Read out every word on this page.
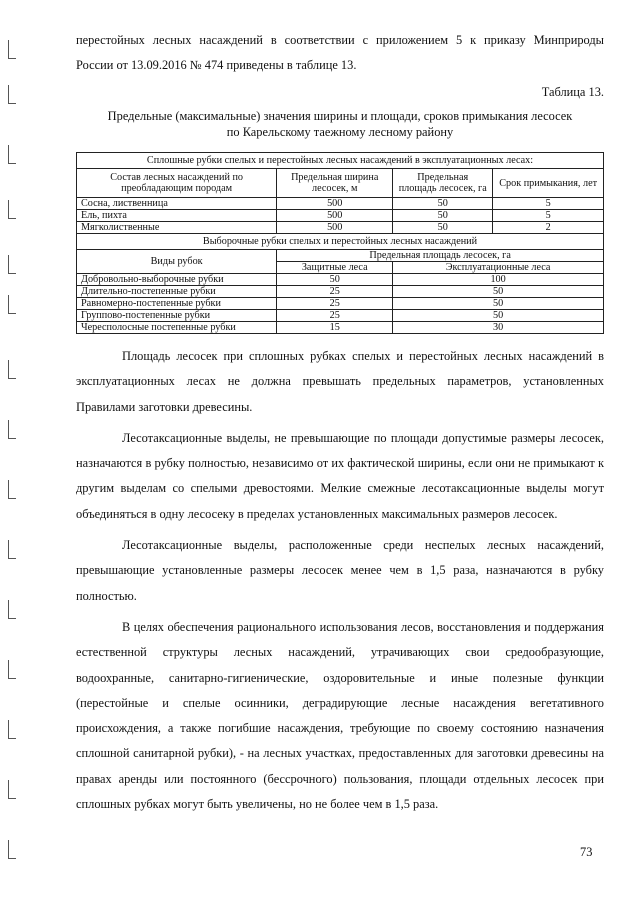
перестойных лесных насаждений в соответствии с приложением 5 к приказу Минприроды

России от 13.09.2016 № 474 приведены в таблице 13.

Таблица 13.
Предельные (максимальные) значения ширины и площади, сроков примыкания лесосек
по Карельскому таежному лесному району
Сплошные рубки спелых и перестойных лесных насаждений в эксплуатационных лесах:			
Состав лесных насаждений по преобладающим породам	Предельная ширина лесосек, м	Предельная площадь лесосек, га	Срок примыкания, лет
Сосна, лиственница	500	50	5
Ель, пихта	500	50	5
Мягколиственные	500	50	2
Выборочные рубки спелых и перестойных лесных насаждений			
Виды рубок	Предельная площадь лесосек, га		
	Защитные леса	Эксплуатационные леса	
Добровольно-выборочные рубки	50	100	
Длительно-постепенные рубки	25	50	
Равномерно-постепенные рубки	25	50	
Группово-постепенные рубки	25	50	
Чересполосные постепенные рубки	15	30	

Площадь лесосек при сплошных рубках спелых и перестойных лесных насаждений в эксплуатационных лесах не должна превышать предельных параметров, установленных Правилами заготовки древесины.

Лесотаксационные выделы, не превышающие по площади допустимые размеры лесосек, назначаются в рубку полностью, независимо от их фактической ширины, если они не примыкают к другим выделам со спелыми древостоями. Мелкие смежные лесотаксационные выделы могут объединяться в одну лесосеку в пределах установленных максимальных размеров лесосек.

Лесотаксационные выделы, расположенные среди неспелых лесных насаждений, превышающие установленные размеры лесосек менее чем в 1,5 раза, назначаются в рубку полностью.

В целях обеспечения рационального использования лесов, восстановления и поддержания естественной структуры лесных насаждений, утрачивающих свои средообразующие, водоохранные, санитарно-гигиенические, оздоровительные и иные полезные функции (перестойные и спелые осинники, деградирующие лесные насаждения вегетативного происхождения, а также погибшие насаждения, требующие по своему состоянию назначения сплошной санитарной рубки), - на лесных участках, предоставленных для заготовки древесины на правах аренды или постоянного (бессрочного) пользования, площади отдельных лесосек при сплошных рубках могут быть увеличены, но не более чем в 1,5 раза.

73
